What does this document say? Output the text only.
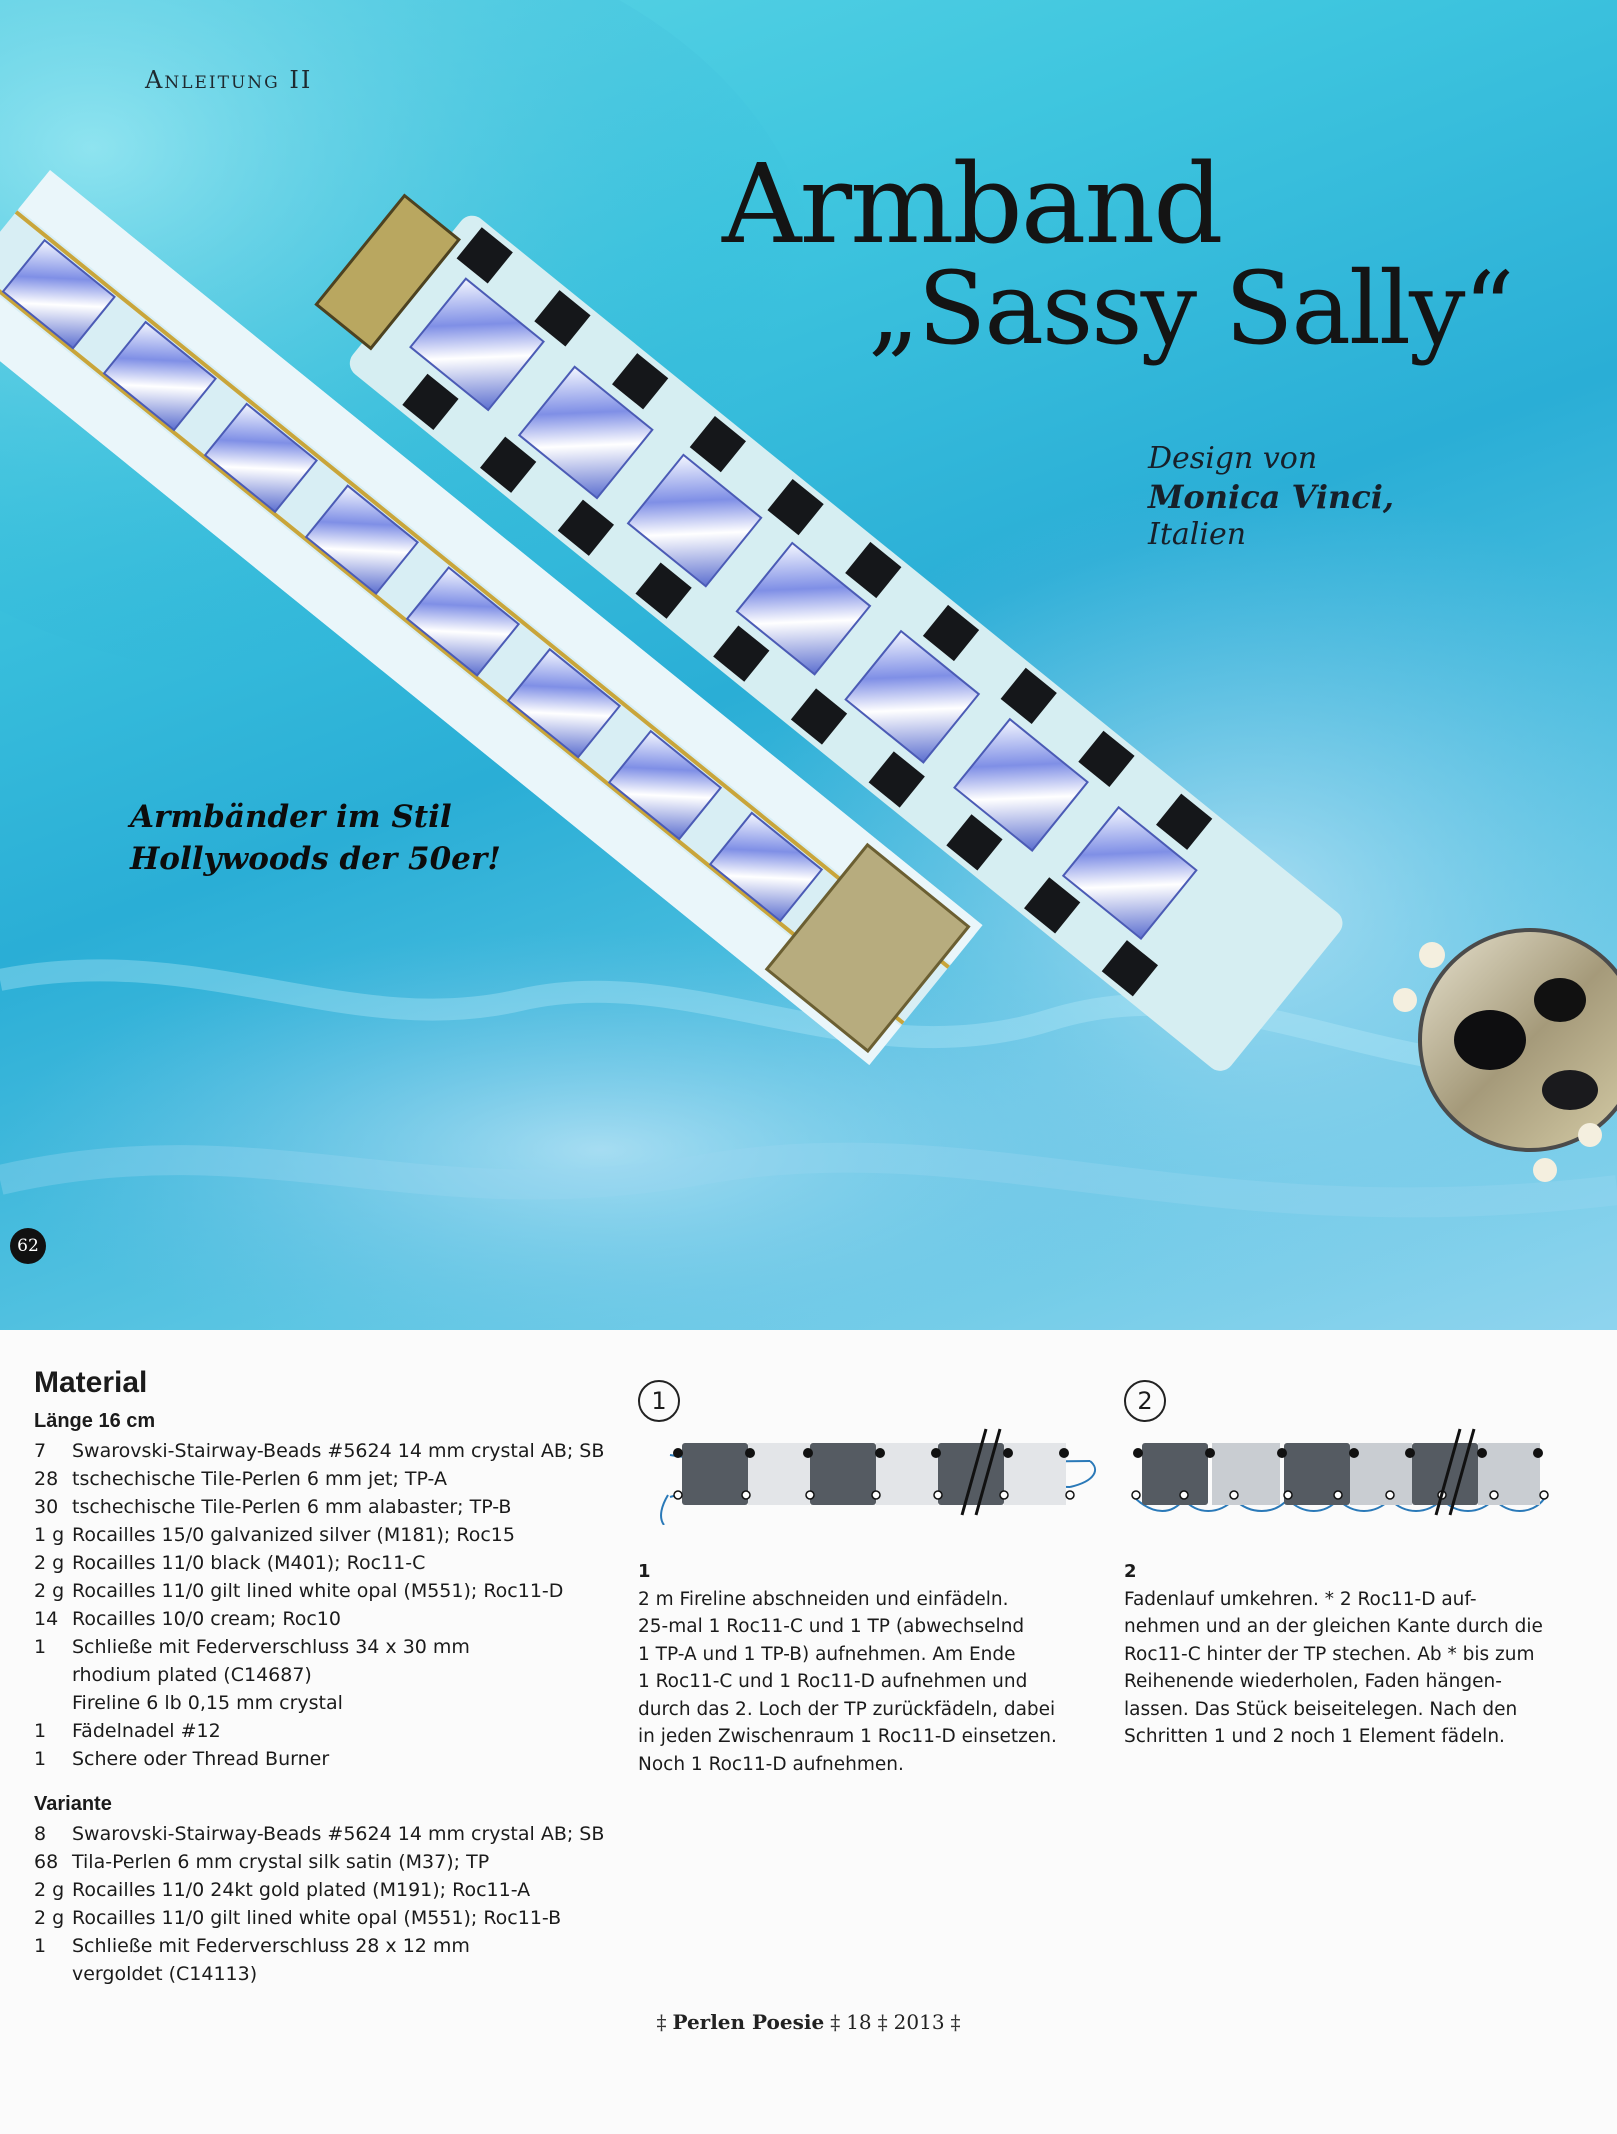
Anleitung II
Armband
„Sassy Sally“
Design von
Monica Vinci,
Italien
Armbänder im Stil
Hollywoods der 50er!
62
Material
Länge 16 cm
7	Swarovski-Stairway-Beads #5624 14 mm crystal AB; SB
28 tschechische Tile-Perlen 6 mm jet; TP-A
30 tschechische Tile-Perlen 6 mm alabaster; TP-B
1 g Rocailles 15/0 galvanized silver (M181); Roc15
2 g Rocailles 11/0 black (M401); Roc11-C
2 g Rocailles 11/0 gilt lined white opal (M551); Roc11-D
14 Rocailles 10/0 cream; Roc10
1	Schließe mit Federverschluss 34 x 30 mm
rhodium plated (C14687)
Fireline 6 lb 0,15 mm crystal
1	Fädelnadel #12
1	Schere oder Thread Burner
Variante
8	Swarovski-Stairway-Beads #5624 14 mm crystal AB; SB
68 Tila-Perlen 6 mm crystal silk satin (M37); TP
2 g Rocailles 11/0 24kt gold plated (M191); Roc11-A
2 g Rocailles 11/0 gilt lined white opal (M551); Roc11-B
1	Schließe mit Federverschluss 28 x 12 mm
vergoldet (C14113)
1
1

2 m Fireline abschneiden und einfädeln.

25-mal 1 Roc11-C und 1 TP (abwechselnd

1 TP-A und 1 TP-B) aufnehmen. Am Ende

1 Roc11-C und 1 Roc11-D aufnehmen und

durch das 2. Loch der TP zurückfädeln, dabei

in jeden Zwischenraum 1 Roc11-D einsetzen.

Noch 1 Roc11-D aufnehmen.

2
2

Fadenlauf umkehren. * 2 Roc11-D auf-

nehmen und an der gleichen Kante durch die

Roc11-C hinter der TP stechen. Ab * bis zum

Reihenende wiederholen, Faden hängen-

lassen. Das Stück beiseitelegen. Nach den

Schritten 1 und 2 noch 1 Element fädeln.

‡ Perlen Poesie ‡ 18 ‡ 2013 ‡
